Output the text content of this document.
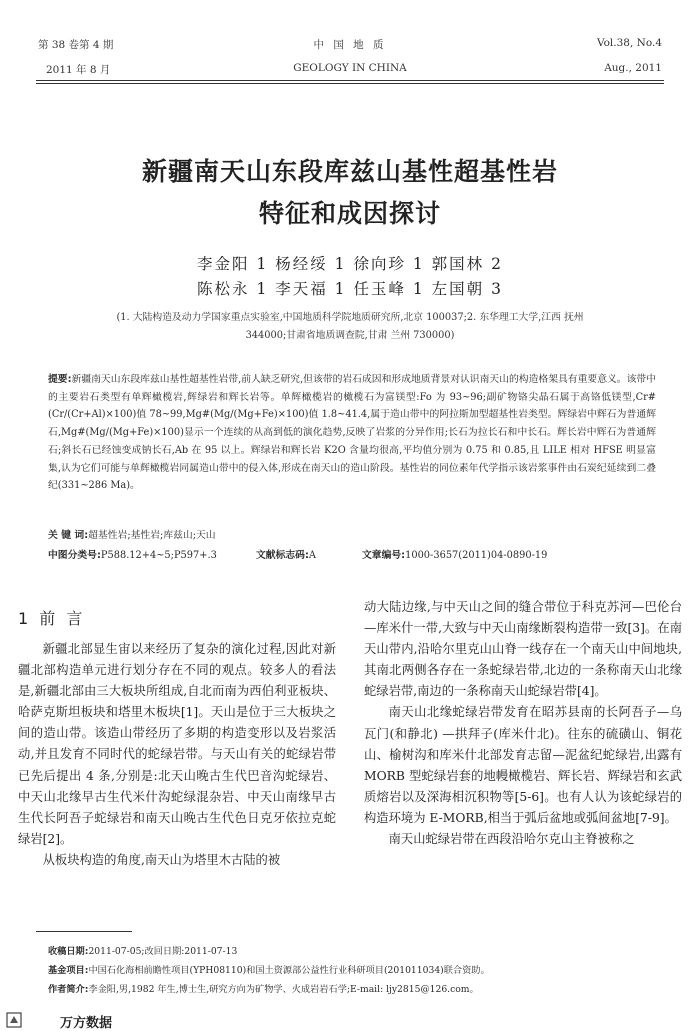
第 38 卷第 4 期	中 国 地 质	Vol.38, No.4
2011 年 8 月	GEOLOGY IN CHINA	Aug., 2011
新疆南天山东段库兹山基性超基性岩
特征和成因探讨
李金阳 1 杨经绥 1 徐向珍 1 郭国林 2
陈松永 1 李天福 1 任玉峰 1 左国朝 3
(1. 大陆构造及动力学国家重点实验室,中国地质科学院地质研究所,北京 100037;2. 东华理工大学,江西 抚州
344000;甘肃省地质调查院,甘肃 兰州 730000)
提要:新疆南天山东段库兹山基性超基性岩带,前人缺乏研究,但该带的岩石成因和形成地质背景对认识南天山的构造格架具有重要意义。该带中的主要岩石类型有单辉橄榄岩,辉绿岩和辉长岩等。单辉橄榄岩的橄榄石为富镁型:Fo 为 93~96;副矿物铬尖晶石属于高铬低镁型,Cr#(Cr/(Cr+Al)×100)值 78~99,Mg#(Mg/(Mg+Fe)×100)值 1.8~41.4,属于造山带中的阿拉斯加型超基性岩类型。辉绿岩中辉石为普通辉石,Mg#(Mg/(Mg+Fe)×100)显示一个连续的从高到低的演化趋势,反映了岩浆的分异作用;长石为拉长石和中长石。辉长岩中辉石为普通辉石;斜长石已经蚀变成钠长石,Ab 在 95 以上。辉绿岩和辉长岩 K2O 含量均很高,平均值分别为 0.75 和 0.85,且 LILE 相对 HFSE 明显富集,认为它们可能与单辉橄榄岩同属造山带中的侵入体,形成在南天山的造山阶段。基性岩的同位素年代学指示该岩浆事件由石炭纪延续到二叠纪(331~286 Ma)。
关 键 词:超基性岩;基性岩;库兹山;天山
中图分类号:P588.12+4~5;P597+.3	文献标志码:A	文章编号:1000-3657(2011)04-0890-19
1 前 言

新疆北部显生宙以来经历了复杂的演化过程,因此对新疆北部构造单元进行划分存在不同的观点。较多人的看法是,新疆北部由三大板块所组成,自北而南为西伯利亚板块、哈萨克斯坦板块和塔里木板块[1]。天山是位于三大板块之间的造山带。该造山带经历了多期的构造变形以及岩浆活动,并且发育不同时代的蛇绿岩带。与天山有关的蛇绿岩带已先后提出 4 条,分别是:北天山晚古生代巴音沟蛇绿岩、中天山北缘早古生代米什沟蛇绿混杂岩、中天山南缘早古生代长阿吾子蛇绿岩和南天山晚古生代色日克牙依拉克蛇绿岩[2]。

从板块构造的角度,南天山为塔里木古陆的被

动大陆边缘,与中天山之间的缝合带位于科克苏河—巴伦台—库米什一带,大致与中天山南缘断裂构造带一致[3]。在南天山带内,沿哈尔里克山山脊一线存在一个南天山中间地块,其南北两侧各存在一条蛇绿岩带,北边的一条称南天山北缘蛇绿岩带,南边的一条称南天山蛇绿岩带[4]。

南天山北缘蛇绿岩带发育在昭苏县南的长阿吾子—乌瓦门(和静北) —拱拜子(库米什北)。往东的硫磺山、铜花山、榆树沟和库米什北部发育志留—泥盆纪蛇绿岩,出露有 MORB 型蛇绿岩套的地幔橄榄岩、辉长岩、辉绿岩和玄武质熔岩以及深海相沉积物等[5-6]。也有人认为该蛇绿岩的构造环境为 E-MORB,相当于弧后盆地或弧间盆地[7-9]。

南天山蛇绿岩带在西段沿哈尔克山主脊被称之

收稿日期:2011-07-05;改回日期:2011-07-13
基金项目:中国石化海相前瞻性项目(YPH08110)和国土资源部公益性行业科研项目(201011034)联合资助。
作者简介:李金阳,男,1982 年生,博士生,研究方向为矿物学、火成岩岩石学;E-mail: ljy2815@126.com。
万方数据
